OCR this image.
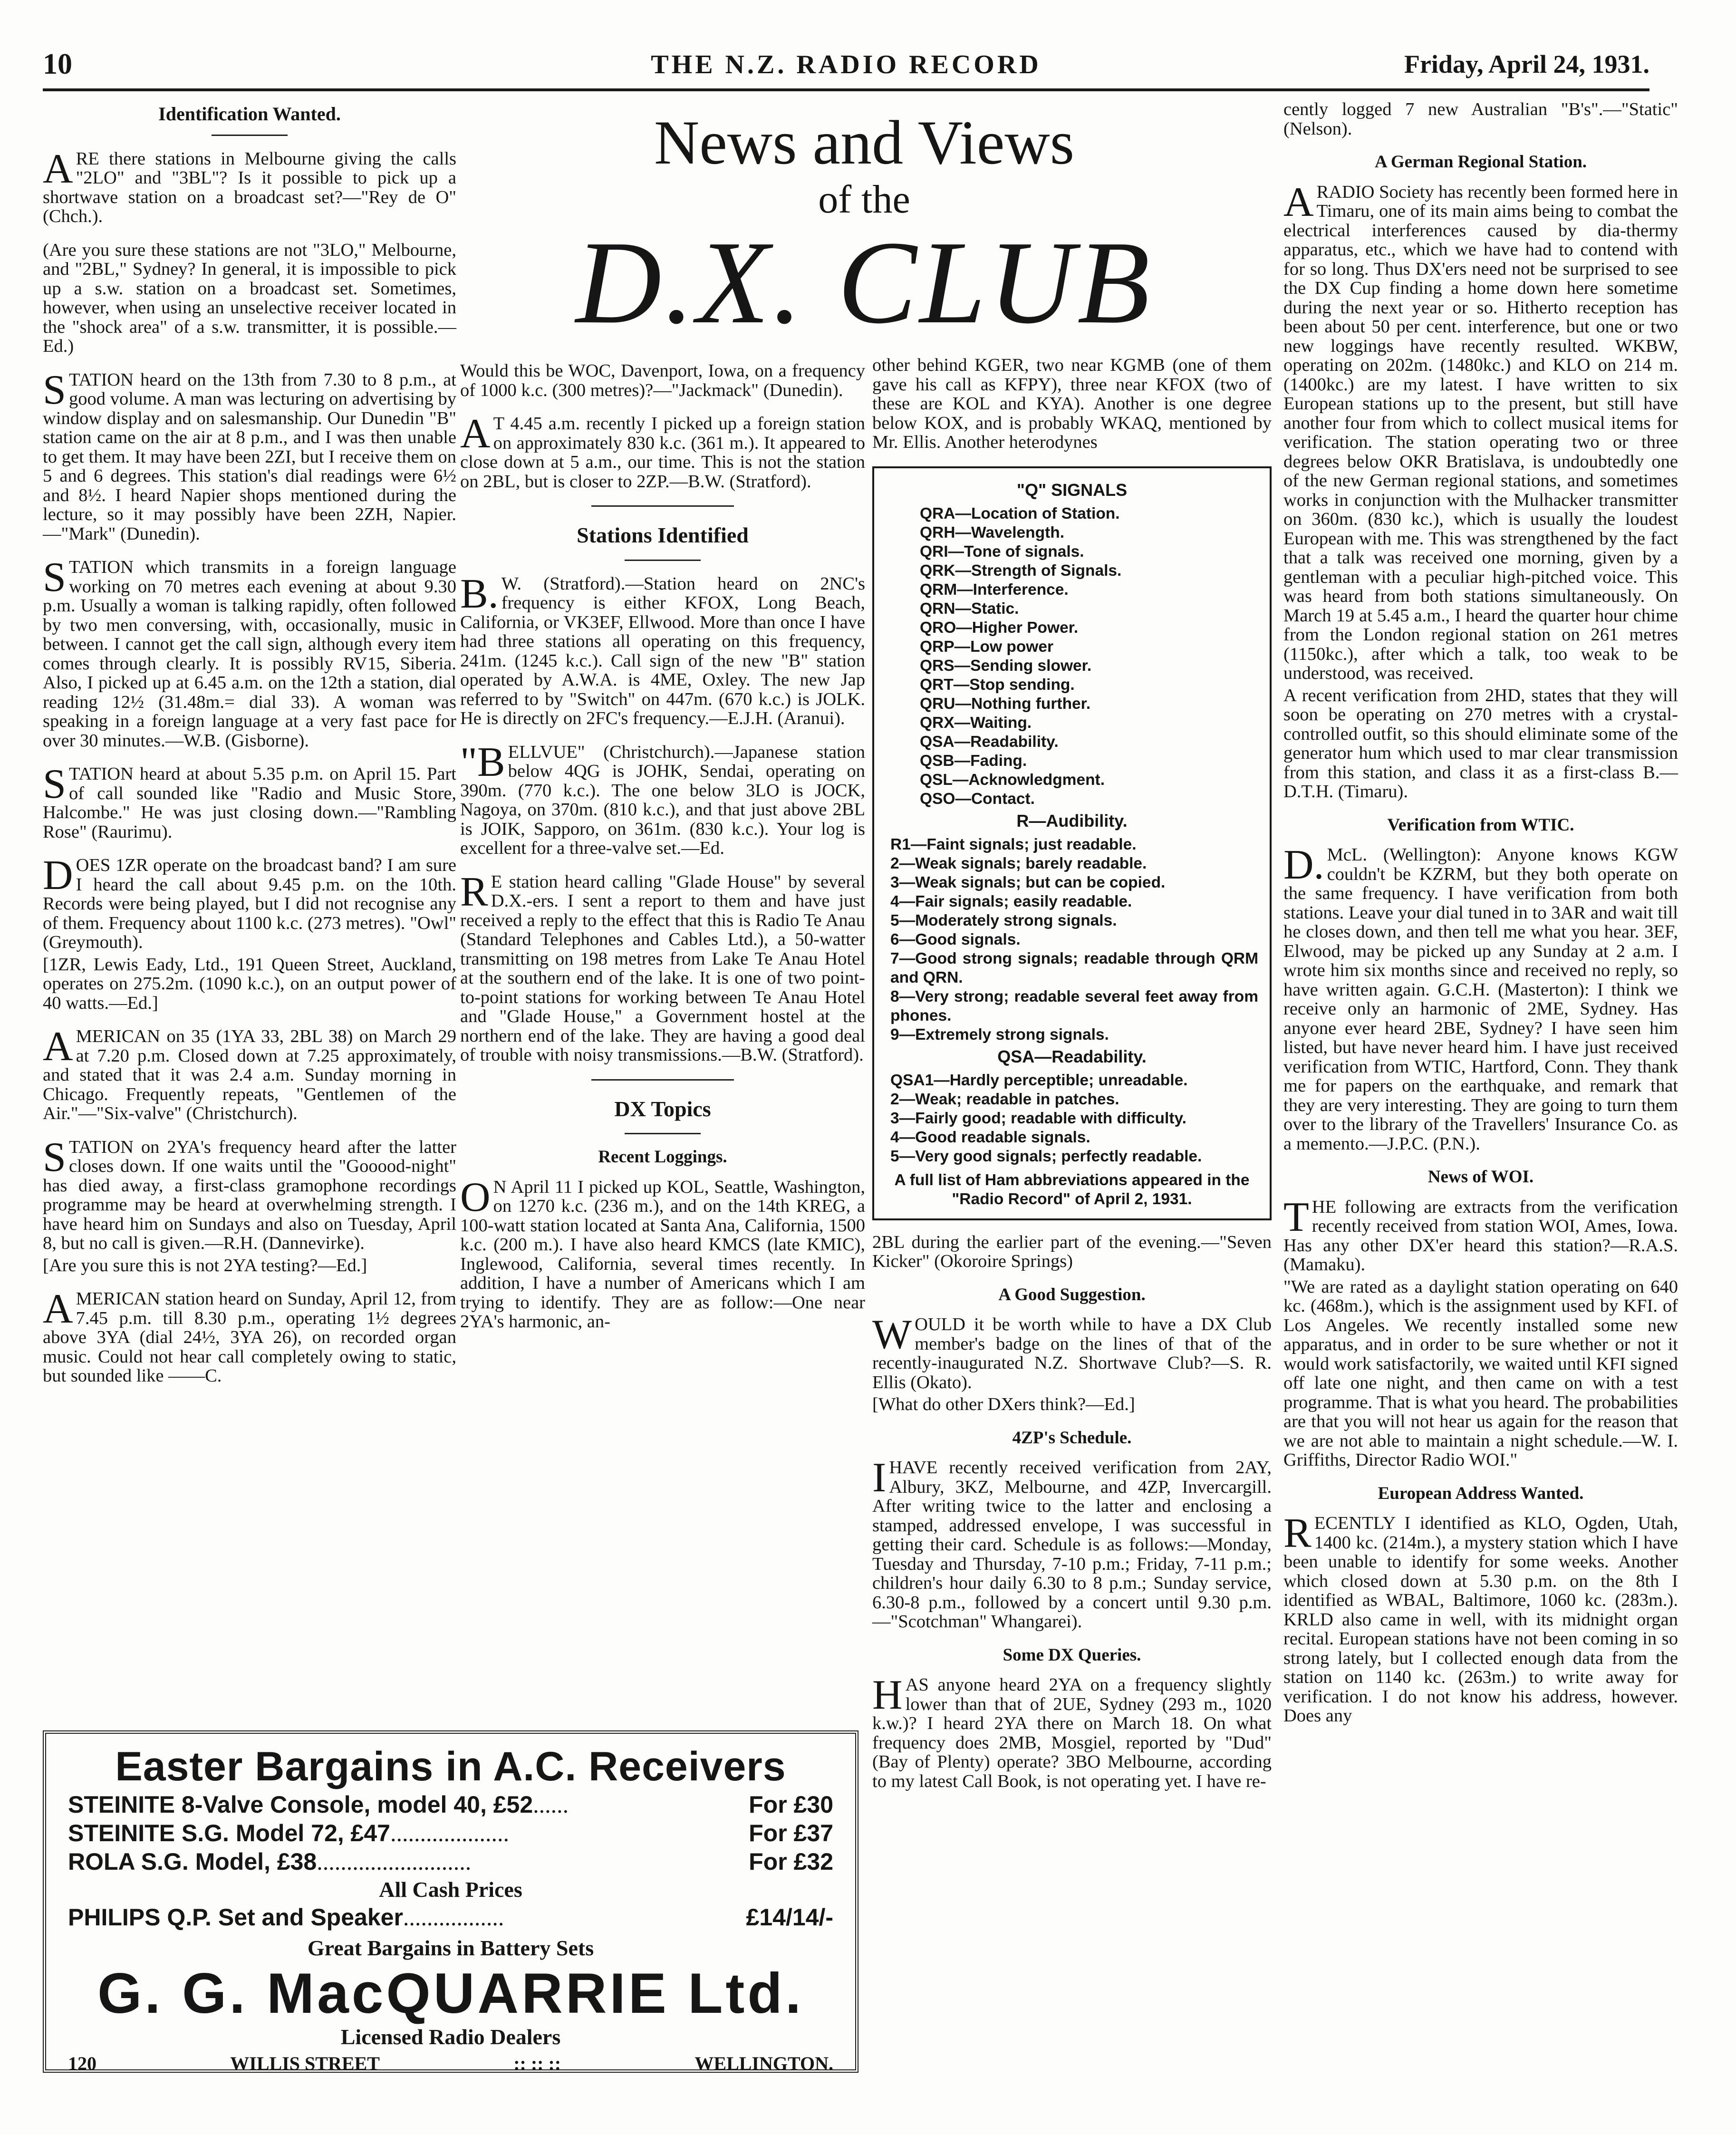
10	THE N.Z. RADIO RECORD	Friday, April 24, 1931.
News and Views
of the
D.X. CLUB
Identification Wanted.

ARE there stations in Melbourne giving the calls "2LO" and "3BL"? Is it possible to pick up a shortwave station on a broadcast set?—"Rey de O" (Chch.).

(Are you sure these stations are not "3LO," Melbourne, and "2BL," Sydney? In general, it is impossible to pick up a s.w. station on a broadcast set. Sometimes, however, when using an unselective receiver located in the "shock area" of a s.w. transmitter, it is possible.—Ed.)

STATION heard on the 13th from 7.30 to 8 p.m., at good volume. A man was lecturing on advertising by window display and on salesmanship. Our Dunedin "B" station came on the air at 8 p.m., and I was then unable to get them. It may have been 2ZI, but I receive them on 5 and 6 degrees. This station's dial readings were 6½ and 8½. I heard Napier shops mentioned during the lecture, so it may possibly have been 2ZH, Napier.—"Mark" (Dunedin).

STATION which transmits in a foreign language working on 70 metres each evening at about 9.30 p.m. Usually a woman is talking rapidly, often followed by two men conversing, with, occasionally, music in between. I cannot get the call sign, although every item comes through clearly. It is possibly RV15, Siberia. Also, I picked up at 6.45 a.m. on the 12th a station, dial reading 12½ (31.48m.= dial 33). A woman was speaking in a foreign language at a very fast pace for over 30 minutes.—W.B. (Gisborne).

STATION heard at about 5.35 p.m. on April 15. Part of call sounded like "Radio and Music Store, Halcombe." He was just closing down.—"Rambling Rose" (Raurimu).

DOES 1ZR operate on the broadcast band? I am sure I heard the call about 9.45 p.m. on the 10th. Records were being played, but I did not recognise any of them. Frequency about 1100 k.c. (273 metres). "Owl" (Greymouth).

[1ZR, Lewis Eady, Ltd., 191 Queen Street, Auckland, operates on 275.2m. (1090 k.c.), on an output power of 40 watts.—Ed.]

AMERICAN on 35 (1YA 33, 2BL 38) on March 29 at 7.20 p.m. Closed down at 7.25 approximately, and stated that it was 2.4 a.m. Sunday morning in Chicago. Frequently repeats, "Gentlemen of the Air."—"Six-valve" (Christchurch).

STATION on 2YA's frequency heard after the latter closes down. If one waits until the "Gooood-night" has died away, a first-class gramophone recordings programme may be heard at overwhelming strength. I have heard him on Sundays and also on Tuesday, April 8, but no call is given.—R.H. (Dannevirke).

[Are you sure this is not 2YA testing?—Ed.]

AMERICAN station heard on Sunday, April 12, from 7.45 p.m. till 8.30 p.m., operating 1½ degrees above 3YA (dial 24½, 3YA 26), on recorded organ music. Could not hear call completely owing to static, but sounded like ——C.

Would this be WOC, Davenport, Iowa, on a frequency of 1000 k.c. (300 metres)?—"Jackmack" (Dunedin).

AT 4.45 a.m. recently I picked up a foreign station on approximately 830 k.c. (361 m.). It appeared to close down at 5 a.m., our time. This is not the station on 2BL, but is closer to 2ZP.—B.W. (Stratford).

Stations Identified

B.W. (Stratford).—Station heard on 2NC's frequency is either KFOX, Long Beach, California, or VK3EF, Ellwood. More than once I have had three stations all operating on this frequency, 241m. (1245 k.c.). Call sign of the new "B" station operated by A.W.A. is 4ME, Oxley. The new Jap referred to by "Switch" on 447m. (670 k.c.) is JOLK. He is directly on 2FC's frequency.—E.J.H. (Aranui).

"BELLVUE" (Christchurch).—Japanese station below 4QG is JOHK, Sendai, operating on 390m. (770 k.c.). The one below 3LO is JOCK, Nagoya, on 370m. (810 k.c.), and that just above 2BL is JOIK, Sapporo, on 361m. (830 k.c.). Your log is excellent for a three-valve set.—Ed.

RE station heard calling "Glade House" by several D.X.-ers. I sent a report to them and have just received a reply to the effect that this is Radio Te Anau (Standard Telephones and Cables Ltd.), a 50-watter transmitting on 198 metres from Lake Te Anau Hotel at the southern end of the lake. It is one of two point-to-point stations for working between Te Anau Hotel and "Glade House," a Government hostel at the northern end of the lake. They are having a good deal of trouble with noisy transmissions.—B.W. (Stratford).

DX Topics
Recent Loggings.

ON April 11 I picked up KOL, Seattle, Washington, on 1270 k.c. (236 m.), and on the 14th KREG, a 100-watt station located at Santa Ana, California, 1500 k.c. (200 m.). I have also heard KMCS (late KMIC), Inglewood, California, several times recently. In addition, I have a number of Americans which I am trying to identify. They are as follow:—One near 2YA's harmonic, an-

other behind KGER, two near KGMB (one of them gave his call as KFPY), three near KFOX (two of these are KOL and KYA). Another is one degree below KOX, and is probably WKAQ, mentioned by Mr. Ellis. Another heterodynes

"Q" SIGNALS
QRA—Location of Station.
QRH—Wavelength.
QRI—Tone of signals.
QRK—Strength of Signals.
QRM—Interference.
QRN—Static.
QRO—Higher Power.
QRP—Low power
QRS—Sending slower.
QRT—Stop sending.
QRU—Nothing further.
QRX—Waiting.
QSA—Readability.
QSB—Fading.
QSL—Acknowledgment.
QSO—Contact.
R—Audibility.
R1—Faint signals; just readable.
2—Weak signals; barely readable.
3—Weak signals; but can be copied.
4—Fair signals; easily readable.
5—Moderately strong signals.
6—Good signals.
7—Good strong signals; readable through QRM and QRN.
8—Very strong; readable several feet away from phones.
9—Extremely strong signals.
QSA—Readability.
QSA1—Hardly perceptible; unreadable.
2—Weak; readable in patches.
3—Fairly good; readable with difficulty.
4—Good readable signals.
5—Very good signals; perfectly readable.
A full list of Ham abbreviations appeared in the "Radio Record" of April 2, 1931.

2BL during the earlier part of the evening.—"Seven Kicker" (Okoroire Springs)

A Good Suggestion.

WOULD it be worth while to have a DX Club member's badge on the lines of that of the recently-inaugurated N.Z. Shortwave Club?—S. R. Ellis (Okato).

[What do other DXers think?—Ed.]

4ZP's Schedule.

IHAVE recently received verification from 2AY, Albury, 3KZ, Melbourne, and 4ZP, Invercargill. After writing twice to the latter and enclosing a stamped, addressed envelope, I was successful in getting their card. Schedule is as follows:—Monday, Tuesday and Thursday, 7-10 p.m.; Friday, 7-11 p.m.; children's hour daily 6.30 to 8 p.m.; Sunday service, 6.30-8 p.m., followed by a concert until 9.30 p.m.—"Scotchman" Whangarei).

Some DX Queries.

HAS anyone heard 2YA on a frequency slightly lower than that of 2UE, Sydney (293 m., 1020 k.w.)? I heard 2YA there on March 18. On what frequency does 2MB, Mosgiel, reported by "Dud" (Bay of Plenty) operate? 3BO Melbourne, according to my latest Call Book, is not operating yet. I have re-

cently logged 7 new Australian "B's".—"Static" (Nelson).

A German Regional Station.

ARADIO Society has recently been formed here in Timaru, one of its main aims being to combat the electrical interferences caused by dia-thermy apparatus, etc., which we have had to contend with for so long. Thus DX'ers need not be surprised to see the DX Cup finding a home down here sometime during the next year or so. Hitherto reception has been about 50 per cent. interference, but one or two new loggings have recently resulted. WKBW, operating on 202m. (1480kc.) and KLO on 214 m. (1400kc.) are my latest. I have written to six European stations up to the present, but still have another four from which to collect musical items for verification. The station operating two or three degrees below OKR Bratislava, is undoubtedly one of the new German regional stations, and sometimes works in conjunction with the Mulhacker transmitter on 360m. (830 kc.), which is usually the loudest European with me. This was strengthened by the fact that a talk was received one morning, given by a gentleman with a peculiar high-pitched voice. This was heard from both stations simultaneously. On March 19 at 5.45 a.m., I heard the quarter hour chime from the London regional station on 261 metres (1150kc.), after which a talk, too weak to be understood, was received.

A recent verification from 2HD, states that they will soon be operating on 270 metres with a crystal-controlled outfit, so this should eliminate some of the generator hum which used to mar clear transmission from this station, and class it as a first-class B.—D.T.H. (Timaru).

Verification from WTIC.

D.McL. (Wellington): Anyone knows KGW couldn't be KZRM, but they both operate on the same frequency. I have verification from both stations. Leave your dial tuned in to 3AR and wait till he closes down, and then tell me what you hear. 3EF, Elwood, may be picked up any Sunday at 2 a.m. I wrote him six months since and received no reply, so have written again. G.C.H. (Masterton): I think we receive only an harmonic of 2ME, Sydney. Has anyone ever heard 2BE, Sydney? I have seen him listed, but have never heard him. I have just received verification from WTIC, Hartford, Conn. They thank me for papers on the earthquake, and remark that they are very interesting. They are going to turn them over to the library of the Travellers' Insurance Co. as a memento.—J.P.C. (P.N.).

News of WOI.

THE following are extracts from the verification recently received from station WOI, Ames, Iowa. Has any other DX'er heard this station?—R.A.S. (Mamaku).

"We are rated as a daylight station operating on 640 kc. (468m.), which is the assignment used by KFI. of Los Angeles. We recently installed some new apparatus, and in order to be sure whether or not it would work satisfactorily, we waited until KFI signed off late one night, and then came on with a test programme. That is what you heard. The probabilities are that you will not hear us again for the reason that we are not able to maintain a night schedule.—W. I. Griffiths, Director Radio WOI."

European Address Wanted.

RECENTLY I identified as KLO, Ogden, Utah, 1400 kc. (214m.), a mystery station which I have been unable to identify for some weeks. Another which closed down at 5.30 p.m. on the 8th I identified as WBAL, Baltimore, 1060 kc. (283m.). KRLD also came in well, with its midnight organ recital. European stations have not been coming in so strong lately, but I collected enough data from the station on 1140 kc. (263m.) to write away for verification. I do not know his address, however. Does any

Easter Bargains in A.C. Receivers
STEINITE 8-Valve Console, model 40, £52......	For £30
STEINITE S.G. Model 72, £47....................	For £37
ROLA S.G. Model, £38..........................	For £32
All Cash Prices
PHILIPS Q.P. Set and Speaker.................	£14/14/-
Great Bargains in Battery Sets
G. G. MacQUARRIE Ltd.
Licensed Radio Dealers
120	WILLIS STREET	:: :: ::	WELLINGTON.
